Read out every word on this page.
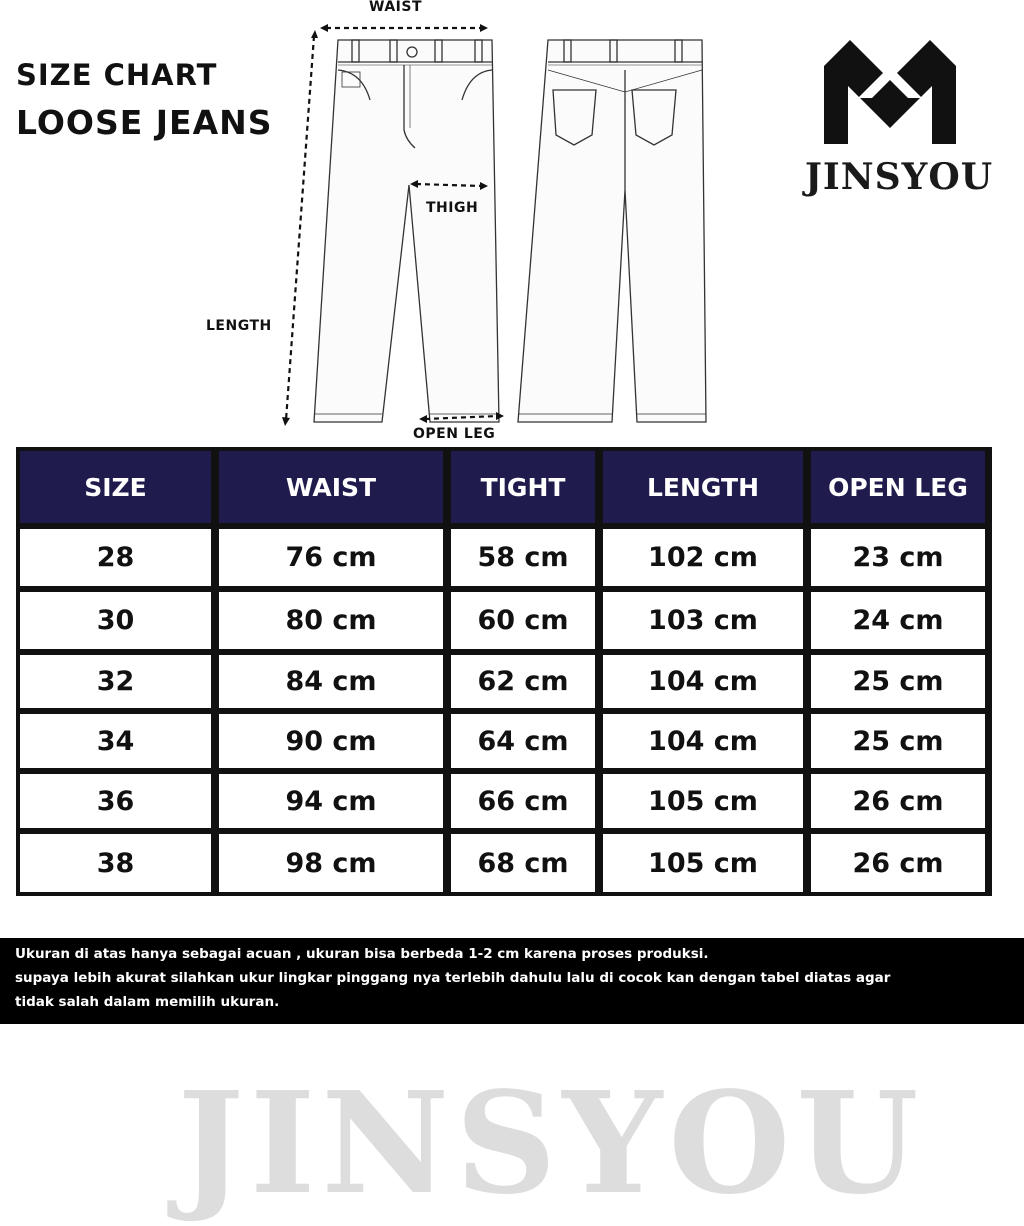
SIZE CHART
LOOSE JEANS
WAIST
THIGH
LENGTH
OPEN LEG
JINSYOU
JINSYOU
SIZE	WAIST	TIGHT	LENGTH	OPEN LEG
28	76 cm	58 cm	102 cm	23 cm
30	80 cm	60 cm	103 cm	24 cm
32	84 cm	62 cm	104 cm	25 cm
34	90 cm	64 cm	104 cm	25 cm
36	94 cm	66 cm	105 cm	26 cm
38	98 cm	68 cm	105 cm	26 cm

Ukuran di atas hanya sebagai acuan , ukuran bisa berbeda 1-2 cm karena proses produksi.

supaya lebih akurat silahkan ukur lingkar pinggang nya terlebih dahulu lalu di cocok kan dengan tabel diatas agar

tidak salah dalam memilih ukuran.
